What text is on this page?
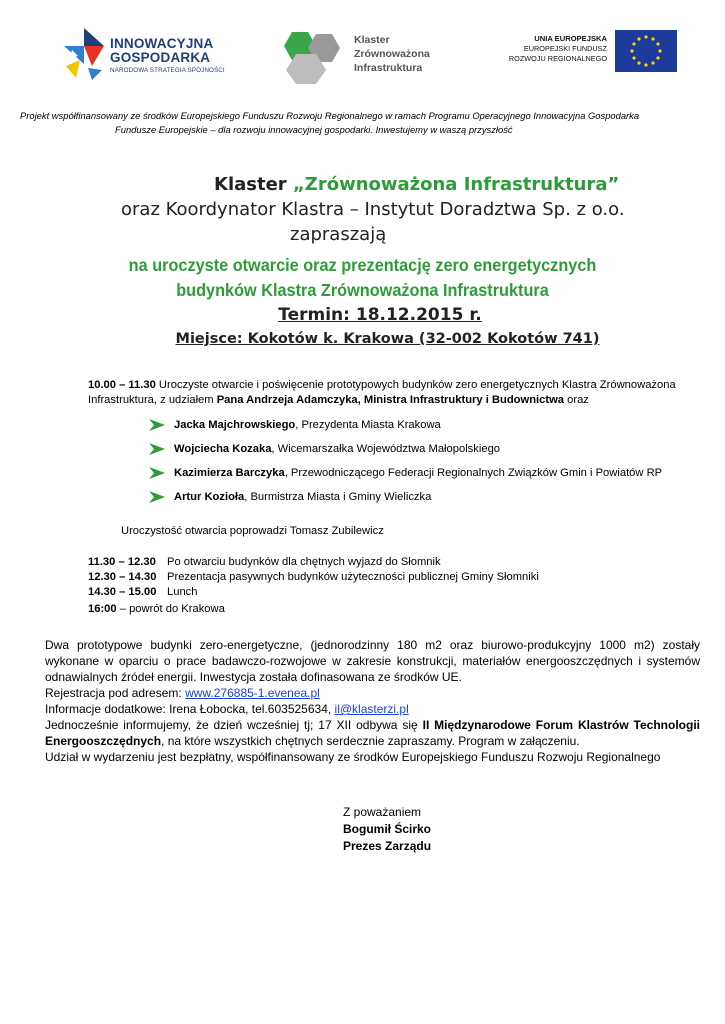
INNOWACYJNA
GOSPODARKA
NARODOWA STRATEGIA SPÓJNOŚCI
Klaster
Zrównoważona
Infrastruktura
UNIA EUROPEJSKA
EUROPEJSKI FUNDUSZ
ROZWOJU REGIONALNEGO
Projekt współfinansowany ze środków Europejskiego Funduszu Rozwoju Regionalnego w ramach Programu Operacyjnego Innowacyjna Gospodarka
Fundusze Europejskie – dla rozwoju innowacyjnej gospodarki. Inwestujemy w waszą przyszłość
Klaster „Zrównoważona Infrastruktura”
oraz Koordynator Klastra – Instytut Doradztwa Sp. z o.o.
zapraszają
na uroczyste otwarcie oraz prezentację zero energetycznych
budynków Klastra Zrównoważona Infrastruktura
Termin: 18.12.2015 r.
Miejsce: Kokotów k. Krakowa (32-002 Kokotów 741)
10.00 – 11.30 Uroczyste otwarcie i poświęcenie prototypowych budynków zero energetycznych Klastra Zrównoważona Infrastruktura, z udziałem Pana Andrzeja Adamczyka, Ministra Infrastruktury i Budownictwa oraz
Jacka Majchrowskiego, Prezydenta Miasta Krakowa
Wojciecha Kozaka, Wicemarszałka Województwa Małopolskiego
Kazimierza Barczyka, Przewodniczącego Federacji Regionalnych Związków Gmin i Powiatów RP
Artur Kozioła, Burmistrza Miasta i Gminy Wieliczka
Uroczystość otwarcia poprowadzi Tomasz Zubilewicz
11.30 – 12.30 Po otwarciu budynków dla chętnych wyjazd do Słomnik
12.30 – 14.30 Prezentacja pasywnych budynków użyteczności publicznej Gminy Słomniki
14.30 – 15.00 Lunch
16:00 – powrót do Krakowa

Dwa prototypowe budynki zero-energetyczne, (jednorodzinny 180 m2 oraz biurowo-produkcyjny 1000 m2) zostały wykonane w oparciu o prace badawczo-rozwojowe w zakresie konstrukcji, materiałów energooszczędnych i systemów odnawialnych źródeł energii. Inwestycja została dofinasowana ze środków UE.

Rejestracja pod adresem: www.276885-1.evenea.pl

Informacje dodatkowe: Irena Łobocka, tel.603525634, il@klasterzi.pl

Jednocześnie informujemy, że dzień wcześniej tj; 17 XII odbywa się II Międzynarodowe Forum Klastrów Technologii Energooszczędnych, na które wszystkich chętnych serdecznie zapraszamy. Program w załączeniu.

Udział w wydarzeniu jest bezpłatny, współfinansowany ze środków Europejskiego Funduszu Rozwoju Regionalnego

Z poważaniem
Bogumił Ścirko
Prezes Zarządu
